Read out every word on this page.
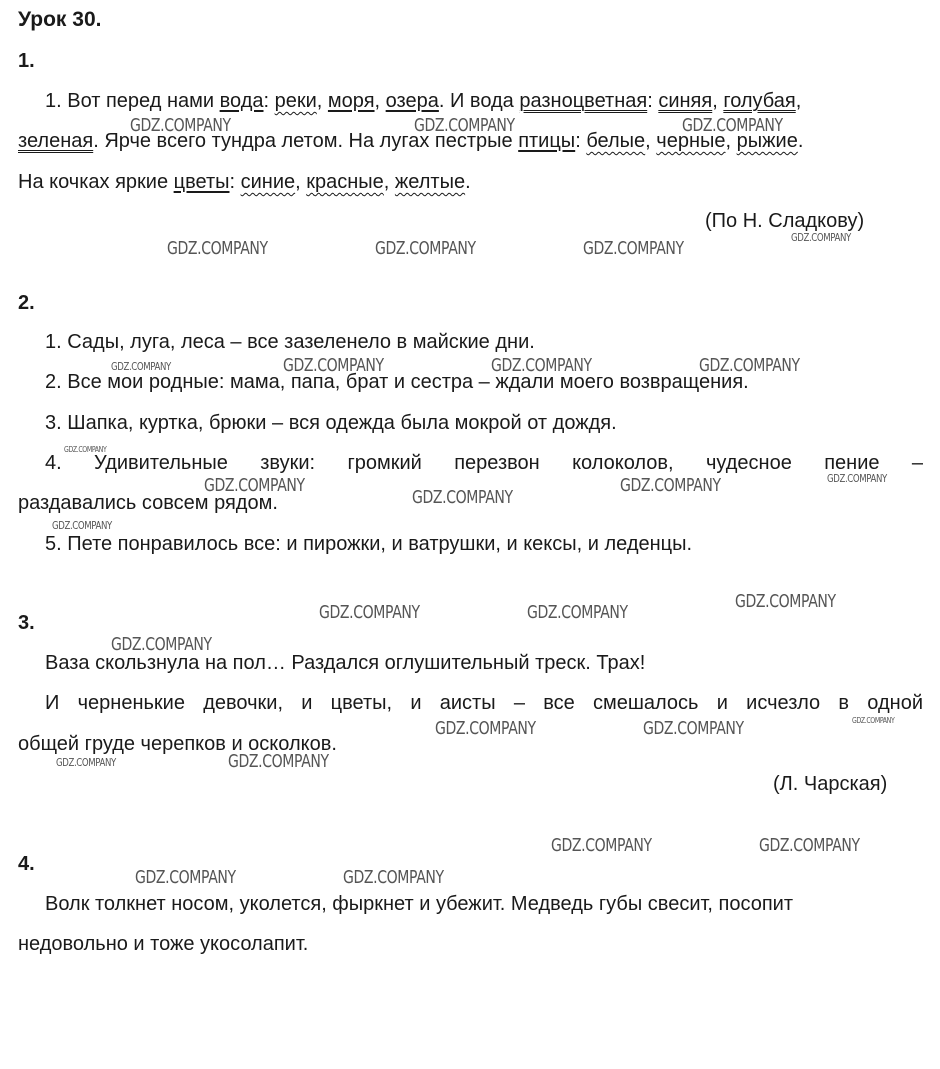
Урок 30.
1.
1. Вот перед нами вода: реки, моря, озера. И вода разноцветная: синяя, голубая,
зеленая. Ярче всего тундра летом. На лугах пестрые птицы: белые, черные, рыжие.
На кочках яркие цветы: синие, красные, желтые.
(По Н. Сладкову)
2.
1. Сады, луга, леса – все зазеленело в майские дни.
2. Все мои родные: мама, папа, брат и сестра – ждали моего возвращения.
3. Шапка, куртка, брюки – вся одежда была мокрой от дождя.
4. Удивительные звуки: громкий перезвон колоколов, чудесное пение –
раздавались совсем рядом.
5. Пете понравилось все: и пирожки, и ватрушки, и кексы, и леденцы.
3.
Ваза скользнула на пол… Раздался оглушительный треск. Трах!
И черненькие девочки, и цветы, и аисты – все смешалось и исчезло в одной
общей груде черепков и осколков.
(Л. Чарская)
4.
Волк толкнет носом, уколется, фыркнет и убежит. Медведь губы свесит, посопит
недовольно и тоже укосолапит.
GDZ.COMPANY	GDZ.COMPANY	GDZ.COMPANY
GDZ.COMPANY
GDZ.COMPANY	GDZ.COMPANY	GDZ.COMPANY
GDZ.COMPANY	GDZ.COMPANY	GDZ.COMPANY	GDZ.COMPANY
GDZ.COMPANY
GDZ.COMPANY
GDZ.COMPANY
GDZ.COMPANY	GDZ.COMPANY
GDZ.COMPANY
GDZ.COMPANY	GDZ.COMPANY
GDZ.COMPANY
GDZ.COMPANY
GDZ.COMPANY
GDZ.COMPANY	GDZ.COMPANY
GDZ.COMPANY	GDZ.COMPANY
GDZ.COMPANY	GDZ.COMPANY
GDZ.COMPANY	GDZ.COMPANY
